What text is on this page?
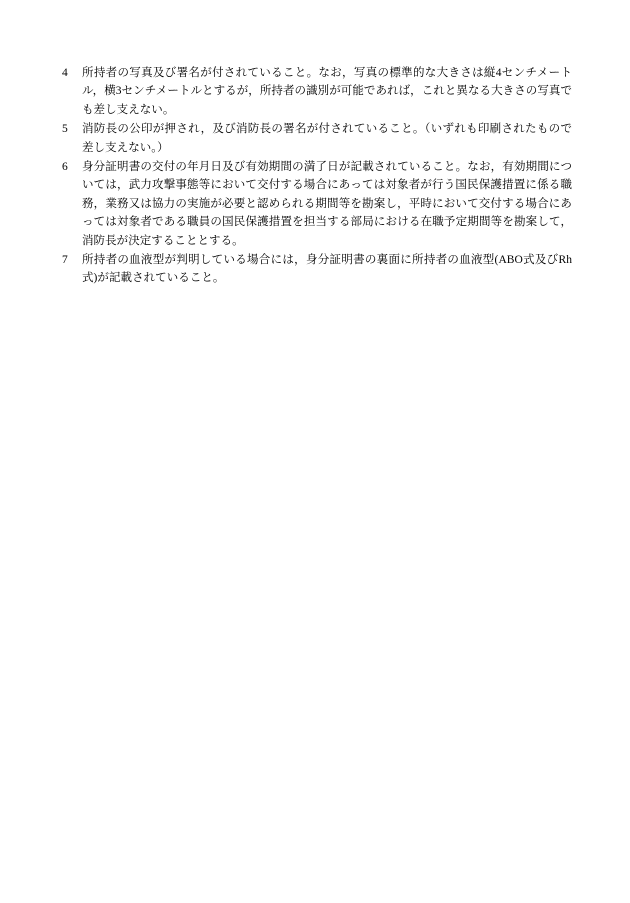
4	所持者の写真及び署名が付されていること。なお，写真の標準的な大きさは縦4センチメートル，横3センチメートルとするが，所持者の識別が可能であれば，これと異なる大きさの写真でも差し支えない。
5	消防長の公印が押され，及び消防長の署名が付されていること。（いずれも印刷されたもので差し支えない。）
6	身分証明書の交付の年月日及び有効期間の満了日が記載されていること。なお，有効期間については，武力攻撃事態等において交付する場合にあっては対象者が行う国民保護措置に係る職務，業務又は協力の実施が必要と認められる期間等を勘案し，平時において交付する場合にあっては対象者である職員の国民保護措置を担当する部局における在職予定期間等を勘案して，消防長が決定することとする。
7	所持者の血液型が判明している場合には，身分証明書の裏面に所持者の血液型(ABO式及びRh式)が記載されていること。
